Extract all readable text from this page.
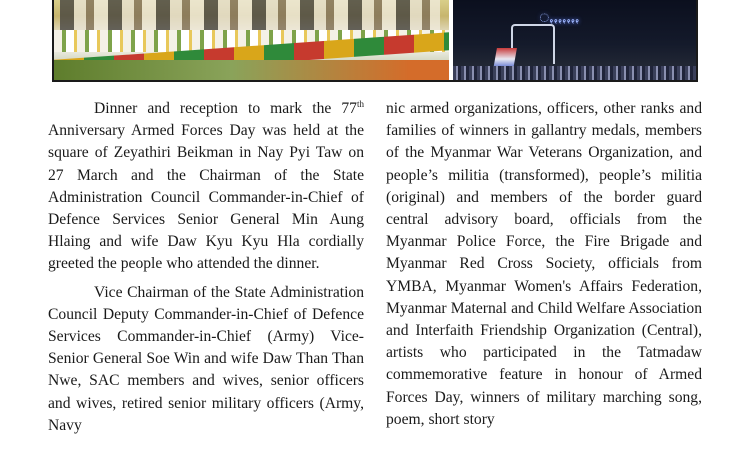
ꩻꩻꩻꩻꩻꩻꩻ

Dinner and reception to mark the 77th Anniversary Armed Forces Day was held at the square of Zeyathiri Beikman in Nay Pyi Taw on 27 March and the Chairman of the State Administration Council Commander-in-Chief of Defence Services Senior General Min Aung Hlaing and wife Daw Kyu Kyu Hla cordially greeted the people who attended the dinner.

Vice Chairman of the State Administration Council Deputy Commander-in-Chief of Defence Services Commander-in-Chief (Army) Vice-Senior General Soe Win and wife Daw Than Than Nwe, SAC members and wives, senior officers and wives, retired senior military officers (Army, Navy

nic armed organizations, officers, other ranks and families of winners in gallantry medals, members of the Myanmar War Veterans Organization, and people’s militia (transformed), people’s militia (original) and members of the border guard central advisory board, officials from the Myanmar Police Force, the Fire Brigade and Myanmar Red Cross Society, officials from YMBA, Myanmar Women's Affairs Federation, Myanmar Maternal and Child Welfare Association and Interfaith Friendship Organization (Central), artists who participated in the Tatmadaw commemorative feature in honour of Armed Forces Day, winners of military marching song, poem, short story
